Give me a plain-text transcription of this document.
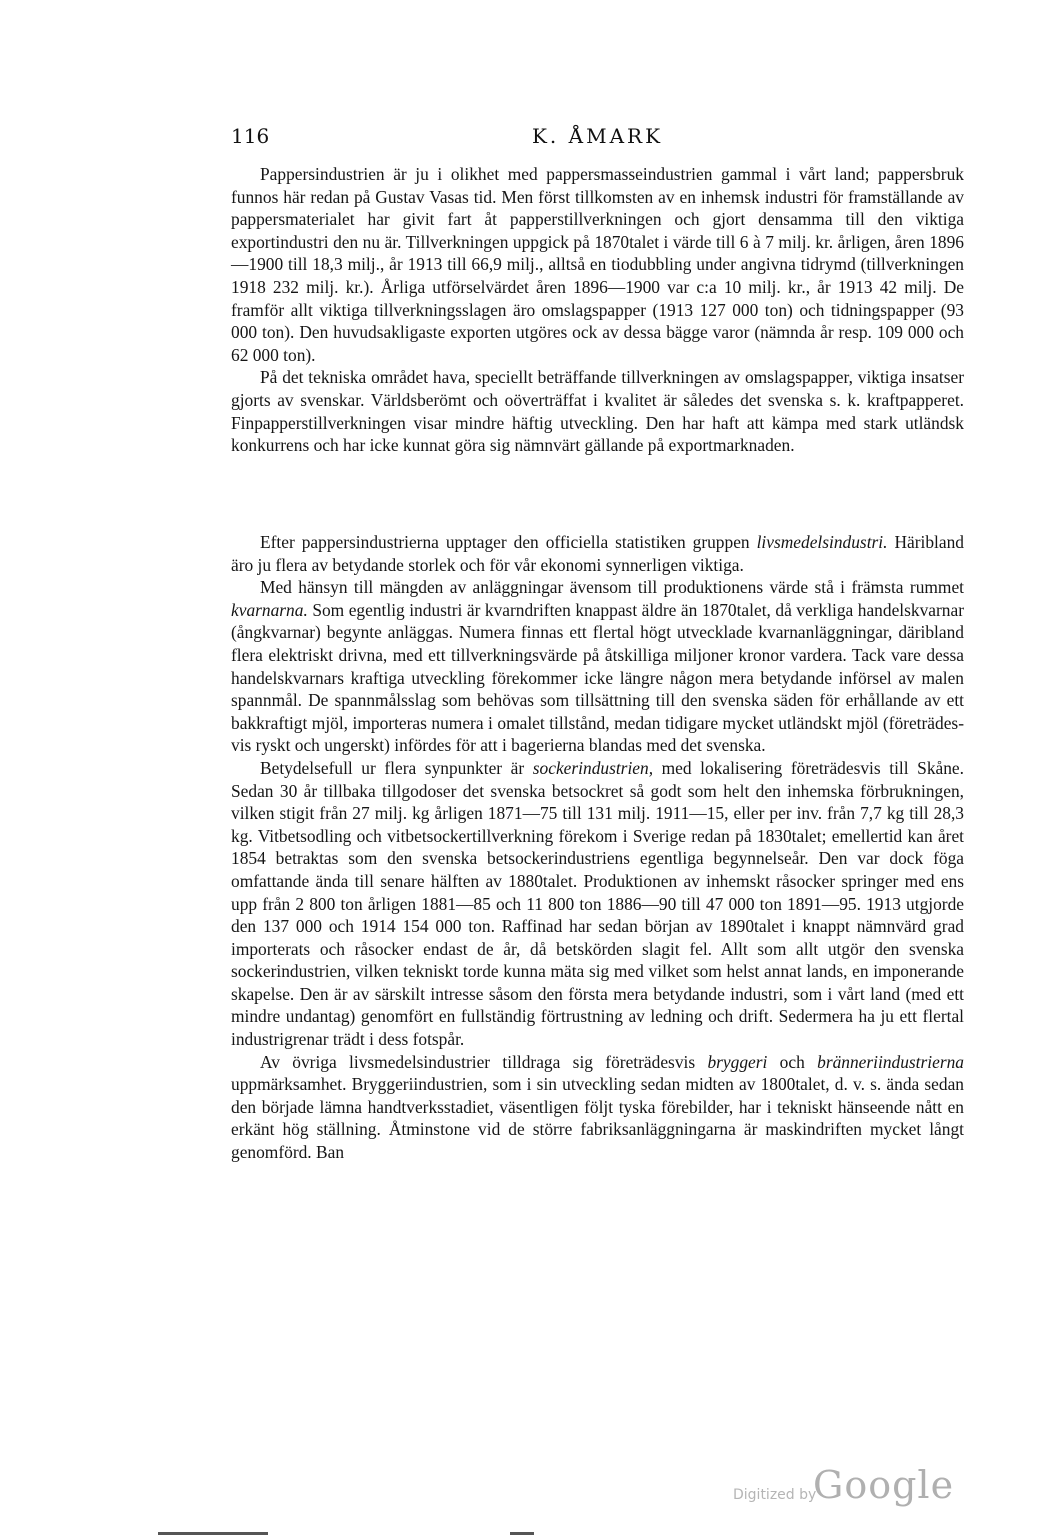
116	K. ÅMARK

Pappersindustrien är ju i olikhet med pappersmasseindustrien gammal i vårt land; pappersbruk funnos här redan på Gustav Vasas tid. Men först tillkomsten av en inhemsk industri för framställande av pappersmaterialet har givit fart åt papperstillverkningen och gjort densamma till den viktiga exportindustri den nu är. Tillverkningen uppgick på 1870talet i värde till 6 à 7 milj. kr. årligen, åren 1896—1900 till 18,3 milj., år 1913 till 66,9 milj., alltså en tiodubbling under angivna tidrymd (tillverkningen 1918 232 milj. kr.). Årliga utförselvärdet åren 1896—1900 var c:a 10 milj. kr., år 1913 42 milj. De framför allt viktiga tillverkningsslagen äro omslagspapper (1913 127 000 ton) och tidningspapper (93 000 ton). Den huvudsakligaste exporten utgöres ock av dessa bägge varor (nämnda år resp. 109 000 och 62 000 ton).

På det tekniska området hava, speciellt beträffande tillverkningen av omslagspapper, viktiga insatser gjorts av svenskar. Världsberömt och oöverträffat i kvalitet är således det svenska s. k. kraftpapperet. Finpapperstillverkningen visar mindre häftig utveckling. Den har haft att kämpa med stark utländsk konkurrens och har icke kunnat göra sig nämnvärt gällande på exportmarknaden.

Efter pappersindustrierna upptager den officiella statistiken gruppen livsmedelsindustri. Häribland äro ju flera av betydande storlek och för vår ekonomi synnerligen viktiga.

Med hänsyn till mängden av anläggningar ävensom till produktionens värde stå i främsta rummet kvarnarna. Som egentlig industri är kvarndriften knappast äldre än 1870talet, då verkliga handelskvarnar (ångkvarnar) begynte anläggas. Numera finnas ett flertal högt utvecklade kvarnanläggningar, däribland flera elektriskt drivna, med ett tillverkningsvärde på åtskilliga miljoner kronor vardera. Tack vare dessa handelskvarnars kraftiga utveckling förekommer icke längre någon mera betydande införsel av malen spannmål. De spannmålsslag som behövas som tillsättning till den svenska säden för erhållande av ett bakkraftigt mjöl, importeras numera i omalet tillstånd, medan tidigare mycket utländskt mjöl (företrädesvis ryskt och ungerskt) infördes för att i bagerierna blandas med det svenska.

Betydelsefull ur flera synpunkter är sockerindustrien, med lokalisering företrädesvis till Skåne. Sedan 30 år tillbaka tillgodoser det svenska betsockret så godt som helt den inhemska förbrukningen, vilken stigit från 27 milj. kg årligen 1871—75 till 131 milj. 1911—15, eller per inv. från 7,7 kg till 28,3 kg. Vitbetsodling och vitbetsockertillverkning förekom i Sverige redan på 1830talet; emellertid kan året 1854 betraktas som den svenska betsockerindustriens egentliga begynnelseår. Den var dock föga omfattande ända till senare hälften av 1880talet. Produktionen av inhemskt råsocker springer med ens upp från 2 800 ton årligen 1881—85 och 11 800 ton 1886—90 till 47 000 ton 1891—95. 1913 utgjorde den 137 000 och 1914 154 000 ton. Raffinad har sedan början av 1890talet i knappt nämnvärd grad importerats och råsocker endast de år, då betskörden slagit fel. Allt som allt utgör den svenska sockerindustrien, vilken tekniskt torde kunna mäta sig med vilket som helst annat lands, en imponerande skapelse. Den är av särskilt intresse såsom den första mera betydande industri, som i vårt land (med ett mindre undantag) genomfört en fullständig förtrustning av ledning och drift. Sedermera ha ju ett flertal industrigrenar trädt i dess fotspår.

Av övriga livsmedelsindustrier tilldraga sig företrädesvis bryggeri och bränneriindustrierna uppmärksamhet. Bryggeriindustrien, som i sin utveckling sedan midten av 1800talet, d. v. s. ända sedan den började lämna handtverksstadiet, väsentligen följt tyska förebilder, har i tekniskt hänseende nått en erkänt hög ställning. Åtminstone vid de större fabriksanläggningarna är maskindriften mycket långt genomförd. Ban

Digitized by
Google
